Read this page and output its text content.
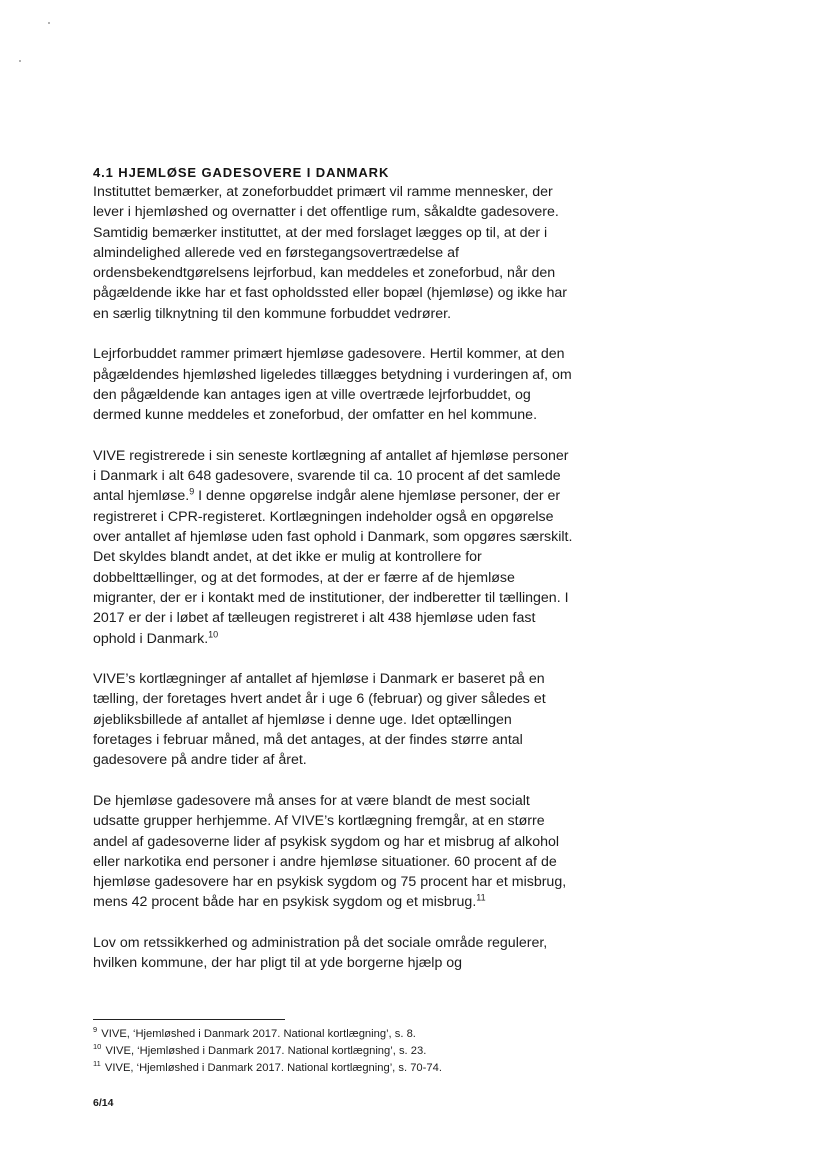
4.1 HJEMLØSE GADESOVERE I DANMARK

Instituttet bemærker, at zoneforbuddet primært vil ramme mennesker, der lever i hjemløshed og overnatter i det offentlige rum, såkaldte gadesovere. Samtidig bemærker instituttet, at der med forslaget lægges op til, at der i almindelighed allerede ved en førstegangsovertrædelse af ordensbekendtgørelsens lejrforbud, kan meddeles et zoneforbud, når den pågældende ikke har et fast opholdssted eller bopæl (hjemløse) og ikke har en særlig tilknytning til den kommune forbuddet vedrører.

Lejrforbuddet rammer primært hjemløse gadesovere. Hertil kommer, at den pågældendes hjemløshed ligeledes tillægges betydning i vurderingen af, om den pågældende kan antages igen at ville overtræde lejrforbuddet, og dermed kunne meddeles et zoneforbud, der omfatter en hel kommune.

VIVE registrerede i sin seneste kortlægning af antallet af hjemløse personer i Danmark i alt 648 gadesovere, svarende til ca. 10 procent af det samlede antal hjemløse.$^9$ I denne opgørelse indgår alene hjemløse personer, der er registreret i CPR-registeret. Kortlægningen indeholder også en opgørelse over antallet af hjemløse uden fast ophold i Danmark, som opgøres særskilt. Det skyldes blandt andet, at det ikke er mulig at kontrollere for dobbelttællinger, og at det formodes, at der er færre af de hjemløse migranter, der er i kontakt med de institutioner, der indberetter til tællingen. I 2017 er der i løbet af tælleugen registreret i alt 438 hjemløse uden fast ophold i Danmark.$^{10}$

VIVE’s kortlægninger af antallet af hjemløse i Danmark er baseret på en tælling, der foretages hvert andet år i uge 6 (februar) og giver således et øjebliksbillede af antallet af hjemløse i denne uge. Idet optællingen foretages i februar måned, må det antages, at der findes større antal gadesovere på andre tider af året.

De hjemløse gadesovere må anses for at være blandt de mest socialt udsatte grupper herhjemme. Af VIVE’s kortlægning fremgår, at en større andel af gadesoverne lider af psykisk sygdom og har et misbrug af alkohol eller narkotika end personer i andre hjemløse situationer. 60 procent af de hjemløse gadesovere har en psykisk sygdom og 75 procent har et misbrug, mens 42 procent både har en psykisk sygdom og et misbrug.$^{11}$

Lov om retssikkerhed og administration på det sociale område regulerer, hvilken kommune, der har pligt til at yde borgerne hjælp og

$^9$ VIVE, ‘Hjemløshed i Danmark 2017. National kortlægning’, s. 8.

$^{10}$ VIVE, ‘Hjemløshed i Danmark 2017. National kortlægning’, s. 23.

$^{11}$ VIVE, ‘Hjemløshed i Danmark 2017. National kortlægning’, s. 70-74.

6/14
